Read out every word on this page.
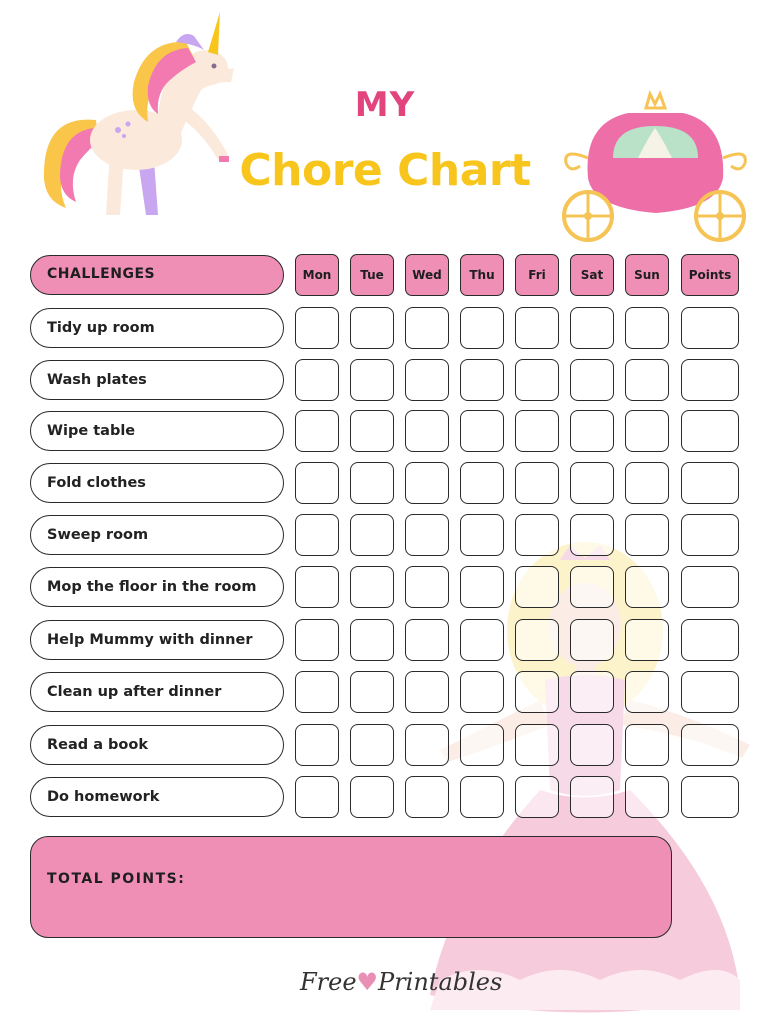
MY
Chore Chart
CHALLENGES	Mon	Tue	Wed	Thu	Fri	Sat	Sun	Points
Tidy up room
Wash plates
Wipe table
Fold clothes
Sweep room
Mop the floor in the room
Help Mummy with dinner
Clean up after dinner
Read a book
Do homework
TOTAL POINTS:
Free♥Printables
